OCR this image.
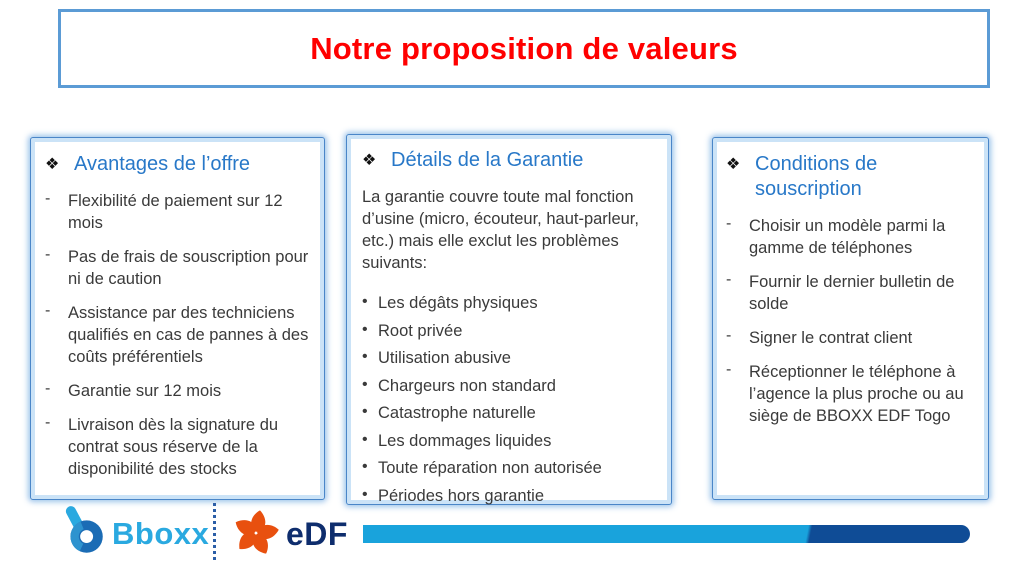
Notre proposition de valeurs
❖ Avantages de l’offre
-	Flexibilité de paiement sur 12 mois
-	Pas de frais de souscription pour ni de caution
-	Assistance par des techniciens qualifiés en cas de pannes à des coûts préférentiels
-	Garantie sur 12 mois
-	Livraison dès la signature du contrat sous réserve de la disponibilité des stocks
❖ Détails de la Garantie

La garantie couvre toute mal fonction d’usine (micro, écouteur, haut-parleur, etc.) mais elle exclut les problèmes suivants:

• Les dégâts physiques
• Root privée
• Utilisation abusive
• Chargeurs non standard
• Catastrophe naturelle
• Les dommages liquides
• Toute réparation non autorisée
• Périodes hors garantie
❖ Conditions de souscription
-	Choisir un modèle parmi la gamme de téléphones
-	Fournir le dernier bulletin de solde
-	Signer le contrat client
-	Réceptionner le téléphone à l’agence la plus proche ou au siège de BBOXX EDF Togo
Bboxx eDF
